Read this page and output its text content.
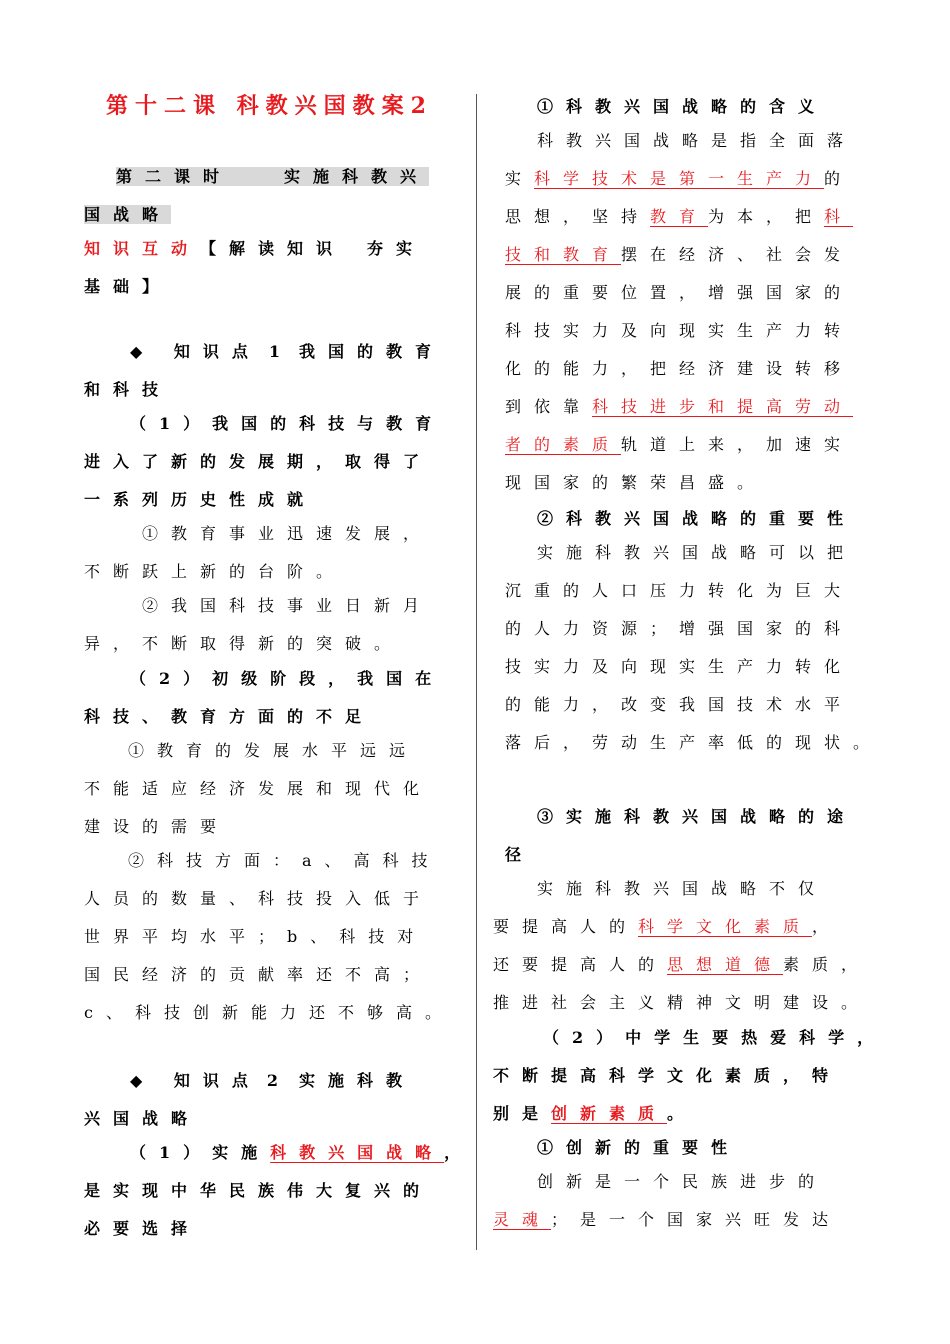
第十二课 科教兴国教案2
第二课时	实施科教兴
国战略
知识互动【解读知识 夯实
基础】
◆ 知识点 1 我国的教育
和科技
（1）我国的科技与教育
进入了新的发展期，取得了
一系列历史性成就
①教育事业迅速发展，
不断跃上新的台阶。
②我国科技事业日新月
异，不断取得新的突破。
（2）初级阶段，我国在
科技、教育方面的不足
①教育的发展水平远远
不能适应经济发展和现代化
建设的需要
②科技方面：a、高科技
人员的数量、科技投入低于
世界平均水平；b、科技对
国民经济的贡献率还不高；
c、科技创新能力还不够高。
◆ 知识点 2 实施科教
兴国战略
（1）实施科教兴国战略，
是实现中华民族伟大复兴的
必要选择
①科教兴国战略的含义
科教兴国战略是指全面落
实科学技术是第一生产力的
思想，坚持教育为本，把科
技和教育摆在经济、社会发
展的重要位置，增强国家的
科技实力及向现实生产力转
化的能力，把经济建设转移
到依靠科技进步和提高劳动
者的素质轨道上来，加速实
现国家的繁荣昌盛。
②科教兴国战略的重要性
实施科教兴国战略可以把
沉重的人口压力转化为巨大
的人力资源；增强国家的科
技实力及向现实生产力转化
的能力，改变我国技术水平
落后，劳动生产率低的现状。
③实施科教兴国战略的途
径
实施科教兴国战略不仅
要提高人的科学文化素质，
还要提高人的思想道德素质，
推进社会主义精神文明建设。
（2）中学生要热爱科学，
不断提高科学文化素质，特
别是创新素质。
①创新的重要性
创新是一个民族进步的
灵魂；是一个国家兴旺发达
